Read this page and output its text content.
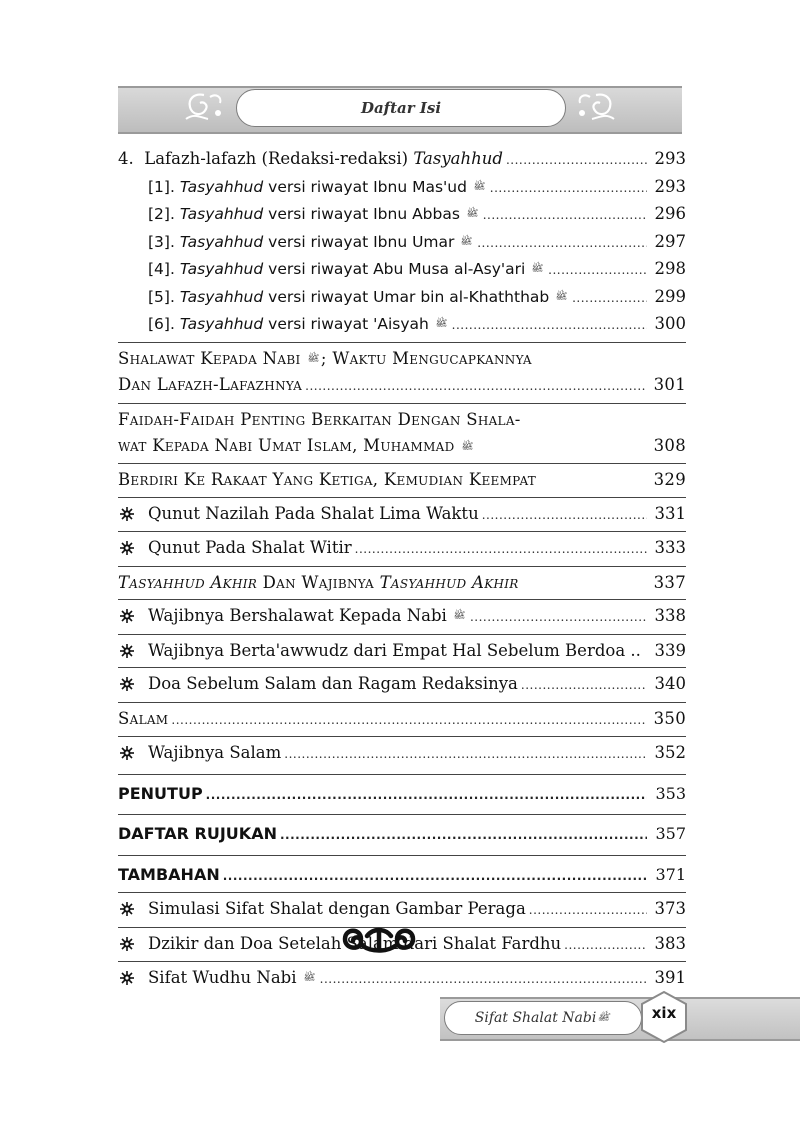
Daftar Isi
4. Lafazh-lafazh (Redaksi-redaksi) Tasyahhud .....	293
[1]. Tasyahhud versi riwayat Ibnu Mas'ud ﷺ .....	293
[2]. Tasyahhud versi riwayat Ibnu Abbas ﷺ .....	296
[3]. Tasyahhud versi riwayat Ibnu Umar ﷺ .....	297
[4]. Tasyahhud versi riwayat Abu Musa al-Asy'ari ﷺ .....	298
[5]. Tasyahhud versi riwayat Umar bin al-Khaththab ﷺ .....	299
[6]. Tasyahhud versi riwayat 'Aisyah ﷺ .....	300
Shalawat Kepada Nabi ﷺ; Waktu Mengucapkannya
Dan Lafazh-Lafazhnya .....	301
Faidah-Faidah Penting Berkaitan Dengan Shala-
wat Kepada Nabi Umat Islam, Muhammad ﷺ	308
Berdiri Ke Rakaat Yang Ketiga, Kemudian Keempat	329
Qunut Nazilah Pada Shalat Lima Waktu .....	331
Qunut Pada Shalat Witir .....	333
Tasyahhud Akhir Dan Wajibnya Tasyahhud Akhir	337
Wajibnya Bershalawat Kepada Nabi ﷺ .....	338
Wajibnya Berta'awwudz dari Empat Hal Sebelum Berdoa .. 339
Doa Sebelum Salam dan Ragam Redaksinya .....	340
Salam .....	350
Wajibnya Salam .....	352
PENUTUP .....	353
DAFTAR RUJUKAN .....	357
TAMBAHAN .....	371
Simulasi Sifat Shalat dengan Gambar Peraga .....	373
Dzikir dan Doa Setelah Salam dari Shalat Fardhu .....	383
Sifat Wudhu Nabi ﷺ .....	391
Sifat Shalat Nabi ﷺ	xix
